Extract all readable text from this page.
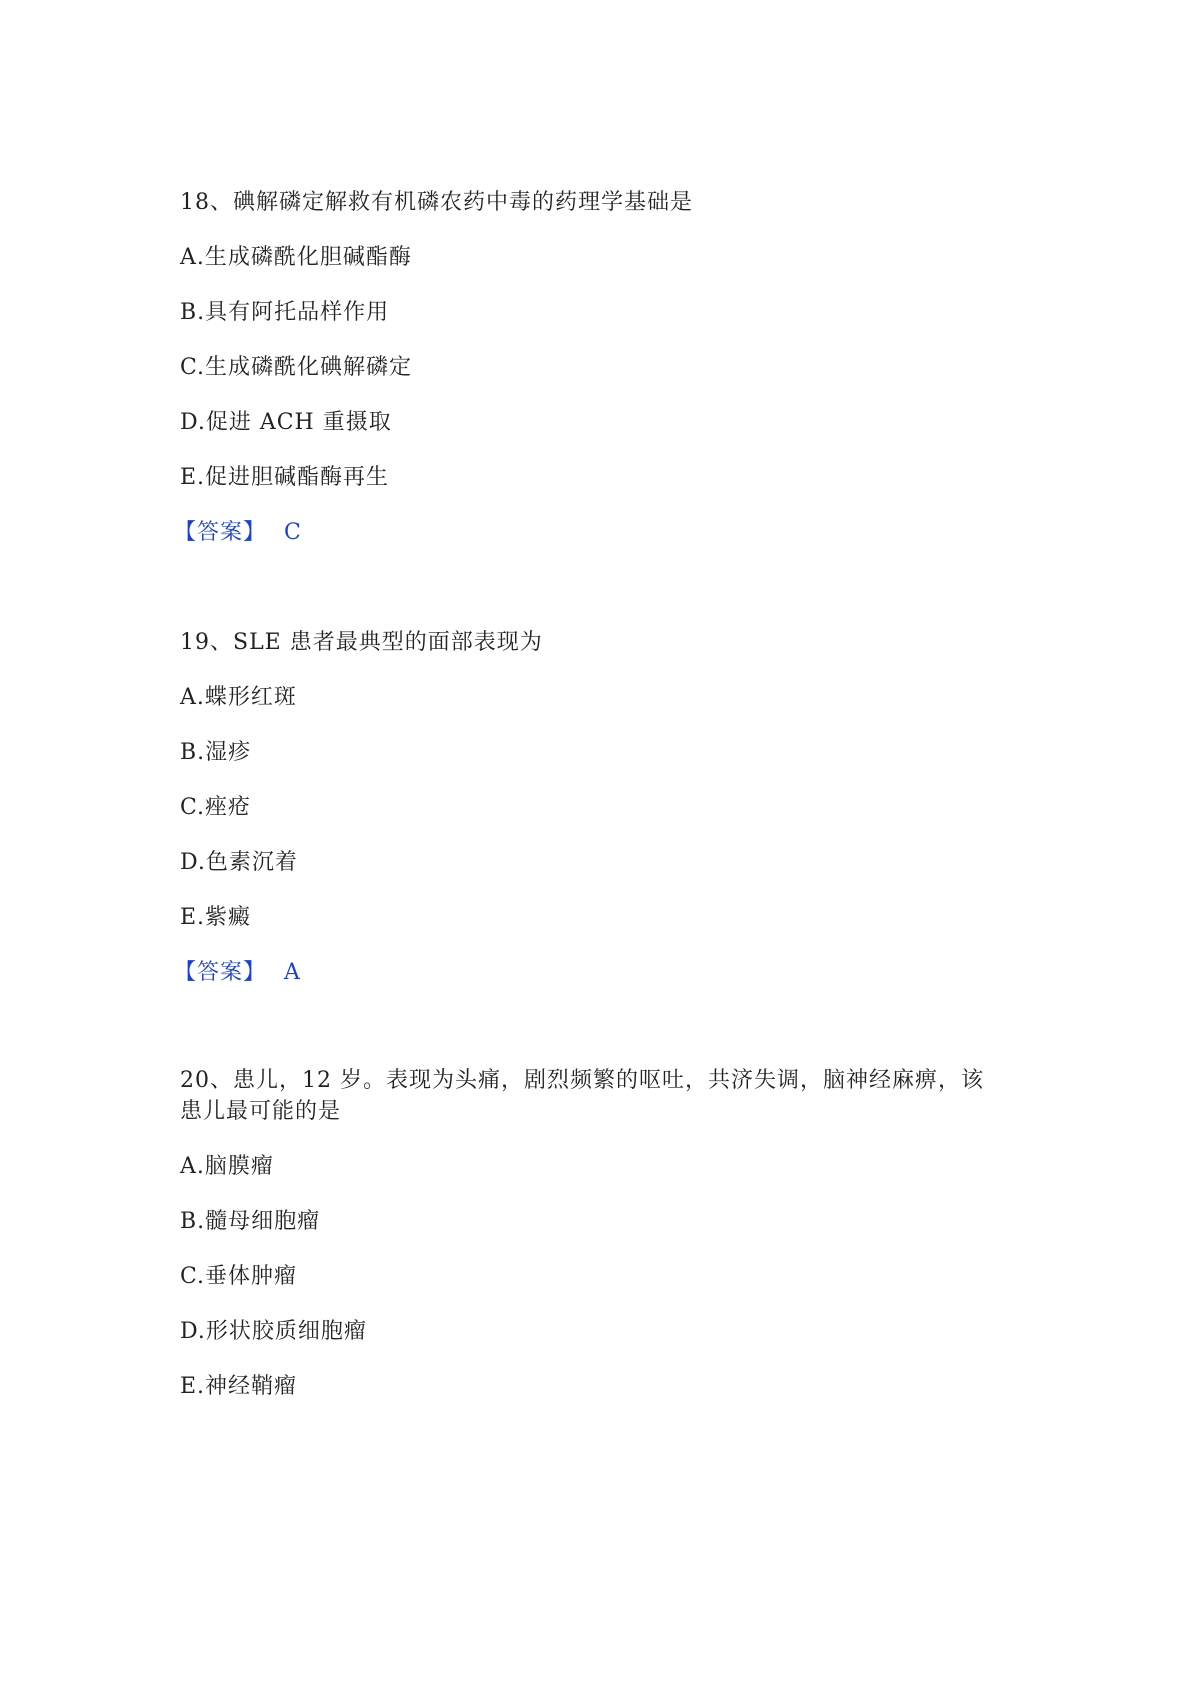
18、碘解磷定解救有机磷农药中毒的药理学基础是

A.生成磷酰化胆碱酯酶

B.具有阿托品样作用

C.生成磷酰化碘解磷定

D.促进 ACH 重摄取

E.促进胆碱酯酶再生

【答案】 C

19、SLE 患者最典型的面部表现为

A.蝶形红斑

B.湿疹

C.痤疮

D.色素沉着

E.紫癜

【答案】 A

20、患儿，12 岁。表现为头痛，剧烈频繁的呕吐，共济失调，脑神经麻痹，该

患儿最可能的是

A.脑膜瘤

B.髓母细胞瘤

C.垂体肿瘤

D.形状胶质细胞瘤

E.神经鞘瘤
